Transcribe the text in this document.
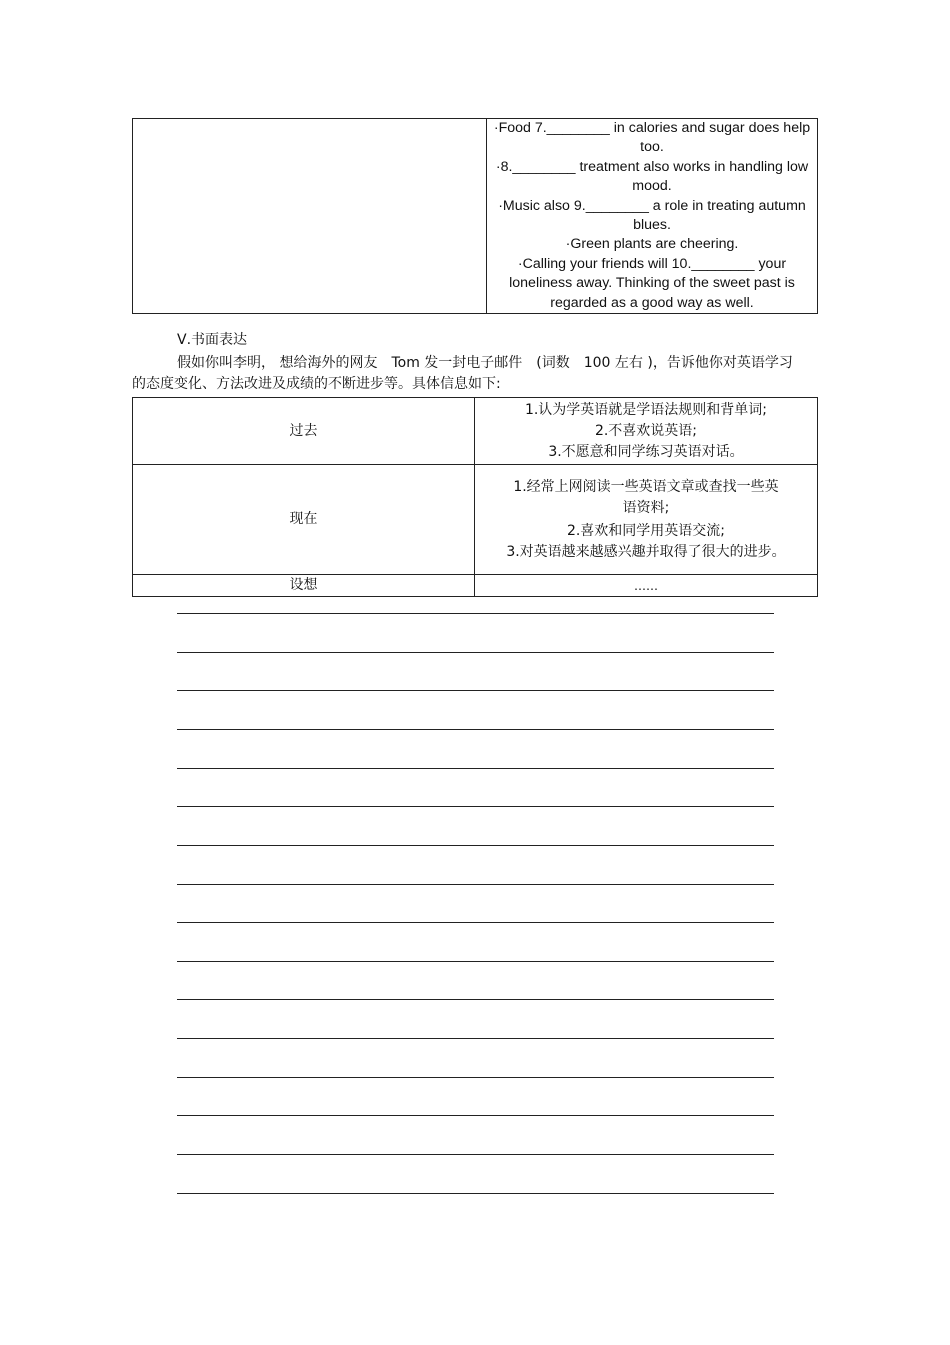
·Food 7.________ in calories and sugar does help too.
·8.________ treatment also works in handling low mood.
·Music also 9.________ a role in treating autumn blues.
·Green plants are cheering.
·Calling your friends will 10.________ your loneliness away. Thinking of the sweet past is regarded as a good way as well.
Ⅴ.书面表达
假如你叫李明， 想给海外的网友　Tom 发一封电子邮件　(词数　100 左右 )，告诉他你对英语学习的态度变化、方法改进及成绩的不断进步等。具体信息如下:
过去	1.认为学英语就是学语法规则和背单词;
2.不喜欢说英语;
3.不愿意和同学练习英语对话。

现在	1.经常上网阅读一些英语文章或查找一些英语资料;
2.喜欢和同学用英语交流;
3.对英语越来越感兴趣并取得了很大的进步。

设想	……
